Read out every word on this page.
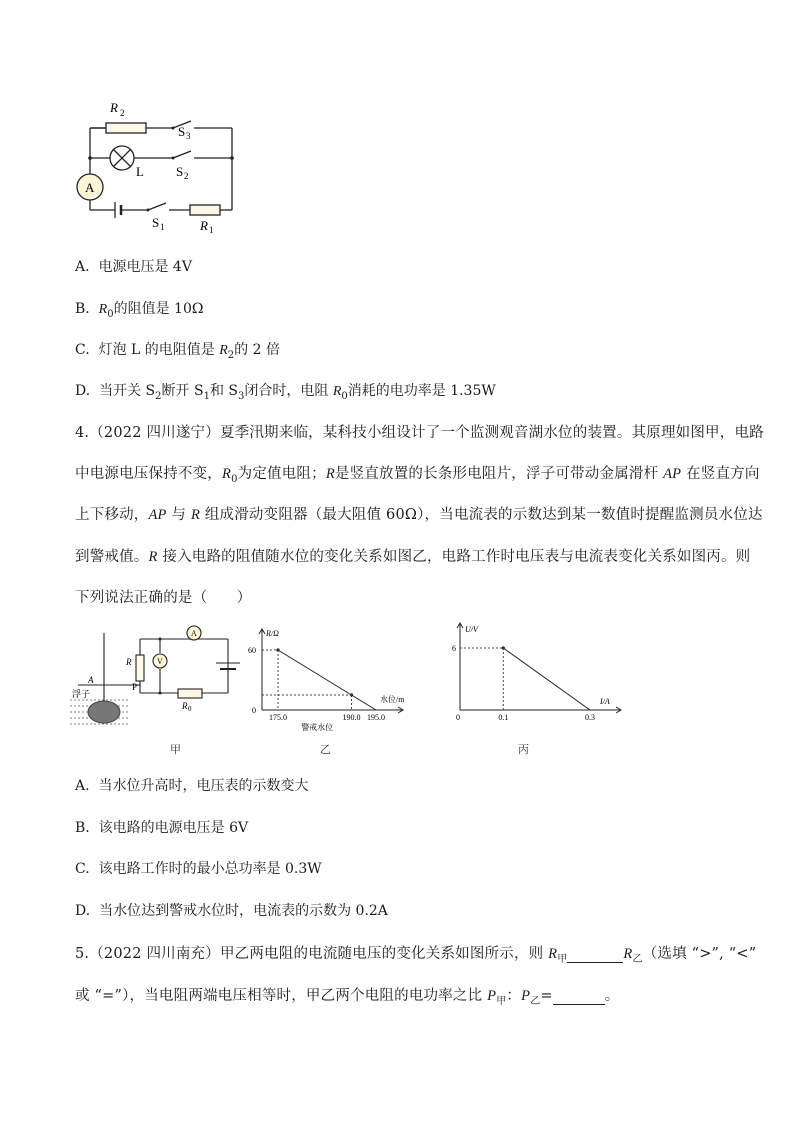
R 2
S 3
L S 2
A
S 1	R 1
A. 电源电压是 4V
B. $R_0$的阻值是 10Ω
C. 灯泡 L 的电阻值是 $R_2$的 2 倍
D. 当开关 $S_2$断开 $S_1$和 $S_3$闭合时，电阻 $R_0$消耗的电功率是 1.35W
4.（2022 四川遂宁）夏季汛期来临，某科技小组设计了一个监测观音湖水位的装置。其原理如图甲，电路
中电源电压保持不变，$R_0$为定值电阻；R是竖直放置的长条形电阻片，浮子可带动金属滑杆 AP 在竖直方向
上下移动，AP 与 R 组成滑动变阻器（最大阻值 60Ω），当电流表的示数达到某一数值时提醒监测员水位达
到警戒值。R 接入电路的阻值随水位的变化关系如图乙，电路工作时电压表与电流表变化关系如图丙。则
下列说法正确的是（　　）
A
浮子
R	V
P
A
R 0
甲
R/Ω
水位/m
60
0
175.0	190.0 195.0
警戒水位
乙
U/V
I/A
6
0	0.1	0.3
丙
A. 当水位升高时，电压表的示数变大
B. 该电路的电源电压是 6V
C. 该电路工作时的最小总功率是 0.3W
D. 当水位达到警戒水位时，电流表的示数为 0.2A
5.（2022 四川南充）甲乙两电阻的电流随电压的变化关系如图所示，则 $R_甲$	$R_乙$（选填 “>”, “<”
或 “=”），当电阻两端电压相等时，甲乙两个电阻的电功率之比 $P_甲$：$P_乙=$	。
